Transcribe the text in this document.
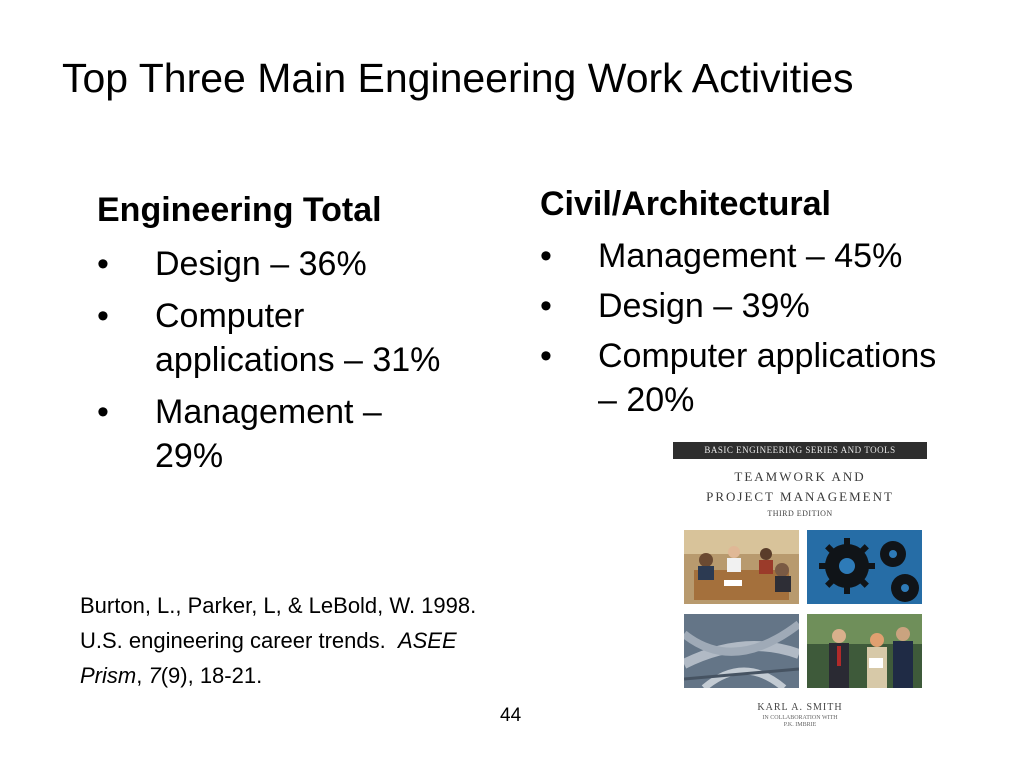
Top Three Main Engineering Work Activities
Engineering Total
•	Design – 36%
•	Computer applications – 31%
•	Management – 29%
Civil/Architectural
•	Management – 45%
•	Design – 39%
•	Computer applications – 20%
Burton, L., Parker, L, & LeBold, W. 1998.
U.S. engineering career trends.  ASEE
Prism, 7(9), 18-21.
44
BASIC ENGINEERING SERIES AND TOOLS
TEAMWORK AND
PROJECT MANAGEMENT
THIRD EDITION
KARL A. SMITH
IN COLLABORATION WITH
P.K. IMBRIE
